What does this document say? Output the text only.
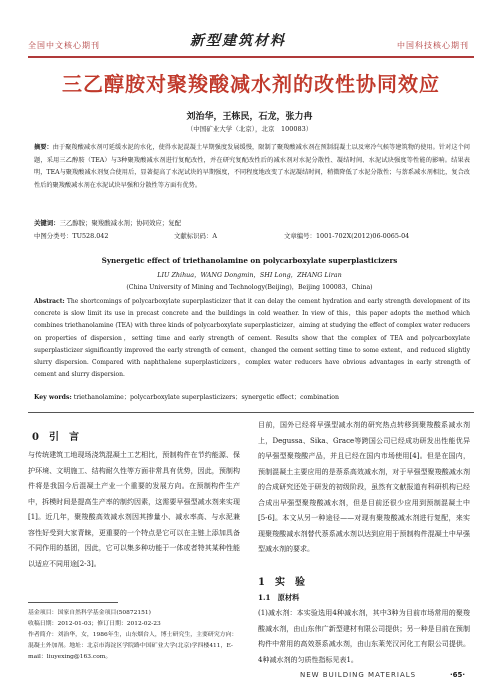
全国中文核心期刊	新型建筑材料	中国科技核心期刊
三乙醇胺对聚羧酸减水剂的改性协同效应
刘治华，王栋民，石龙，张力冉
（中国矿业大学（北京），北京　100083）
摘要：由于聚羧酸减水剂可延缓水泥的水化，使得水泥混凝土早期强度发展缓慢，限制了聚羧酸减水剂在预制混凝土以及寒冷气候等建筑物的使用。针对这个问题，采用三乙醇胺（TEA）与3种聚羧酸减水剂进行复配改性，并在研究复配改性后的减水剂对水泥分散性、凝结时间、水泥试块强度等性能的影响。结果表明，TEA与聚羧酸减水剂复合使用后，显著提高了水泥试块的早期强度，不同程度地改变了水泥凝结时间，稍微降低了水泥分散性；与萘系减水剂相比，复合改性后的聚羧酸减水剂在水泥试块早强和分散性等方面有优势。
关键词：三乙醇胺；聚羧酸减水剂；协同效应；复配
中图分类号：TU528.042	文献标识码：A	文章编号：1001-702X(2012)06-0065-04
Synergetic effect of triethanolamine on polycarboxylate superplasticizers
LIU Zhihua，WANG Dongmin，SHI Long，ZHANG Liran
(China University of Mining and Technology(Beijing)，Beijing 100083，China)
Abstract: The shortcomings of polycarboxylate superplasticizer that it can delay the cement hydration and early strength development of its concrete is slow limit its use in precast concrete and the buildings in cold weather. In view of this，this paper adopts the method which combines triethanolamine (TEA) with three kinds of polycarboxylate superplasticizer，aiming at studying the effect of complex water reducers on properties of dispersion，setting time and early strength of cement. Results show that the complex of TEA and polycarboxylate superplasticizer significantly improved the early strength of cement，changed the cement setting time to some extent，and reduced slightly slurry dispersion. Compared with naphthalene superplasticizers，complex water reducers have obvious advantages in early strength of cement and slurry dispersion.
Key words: triethanolamine；polycarboxylate superplasticizers；synergetic effect；combination
0　引　言
与传统建筑工地现场浇筑混凝土工艺相比，预制构件在节约能源、保护环境、文明施工、结构耐久性等方面非常具有优势，因此，预制构件将是我国今后混凝土产业一个重要的发展方向。在预制构件生产中，拆模时间是提高生产率的制约因素，这需要早强型减水剂来实现[1]。近几年，聚羧酸高效减水剂因其掺量小、减水率高、与水泥兼容性好受到大家青睐，更重要的一个特点是它可以在主链上添加具备不同作用的基团，因此，它可以集多种功能于一体或者特其某种性能以适应不同用途[2-3]。
基金项目：国家自然科学基金项目(50872151)
收稿日期：2012-01-03；修订日期：2012-02-23
作者简介：刘治华，女，1986年生，山东烟台人，博士研究生，主要研究方向：混凝土外加剂。地址：北京市海淀区学院路中国矿业大学(北京)学四楼411，E-mail：liuyexing@163.com。
目前，国外已经将早强型减水剂的研究热点转移到聚羧酸系减水剂上，Degussa、Sika、Grace等跨国公司已经成功研发出性能优异的早强型聚羧酸产品，并且已经在国内市场使用[4]。但是在国内，预制混凝土主要应用的是萘系高效减水剂，对于早强型聚羧酸减水剂的合成研究还处于研发的初级阶段，虽然有文献报道有科研机构已经合成出早强型聚羧酸减水剂，但是目前还很少应用到预制混凝土中[5-6]。本文从另一种途径——对现有聚羧酸减水剂进行复配，来实现聚羧酸减水剂替代萘系减水剂以达到应用于预制构件混凝土中早强型减水剂的要求。
1　实　验
1.1　原材料
(1)减水剂：本实验选用4种减水剂，其中3种为目前市场常用的聚羧酸减水剂，由山东伟广新型建材有限公司提供；另一种是目前在预制构件中常用的高效萘系减水剂，由山东莱芜汉河化工有限公司提供。4种减水剂的匀质性指标见表1。
NEW BUILDING MATERIALS	·65·
